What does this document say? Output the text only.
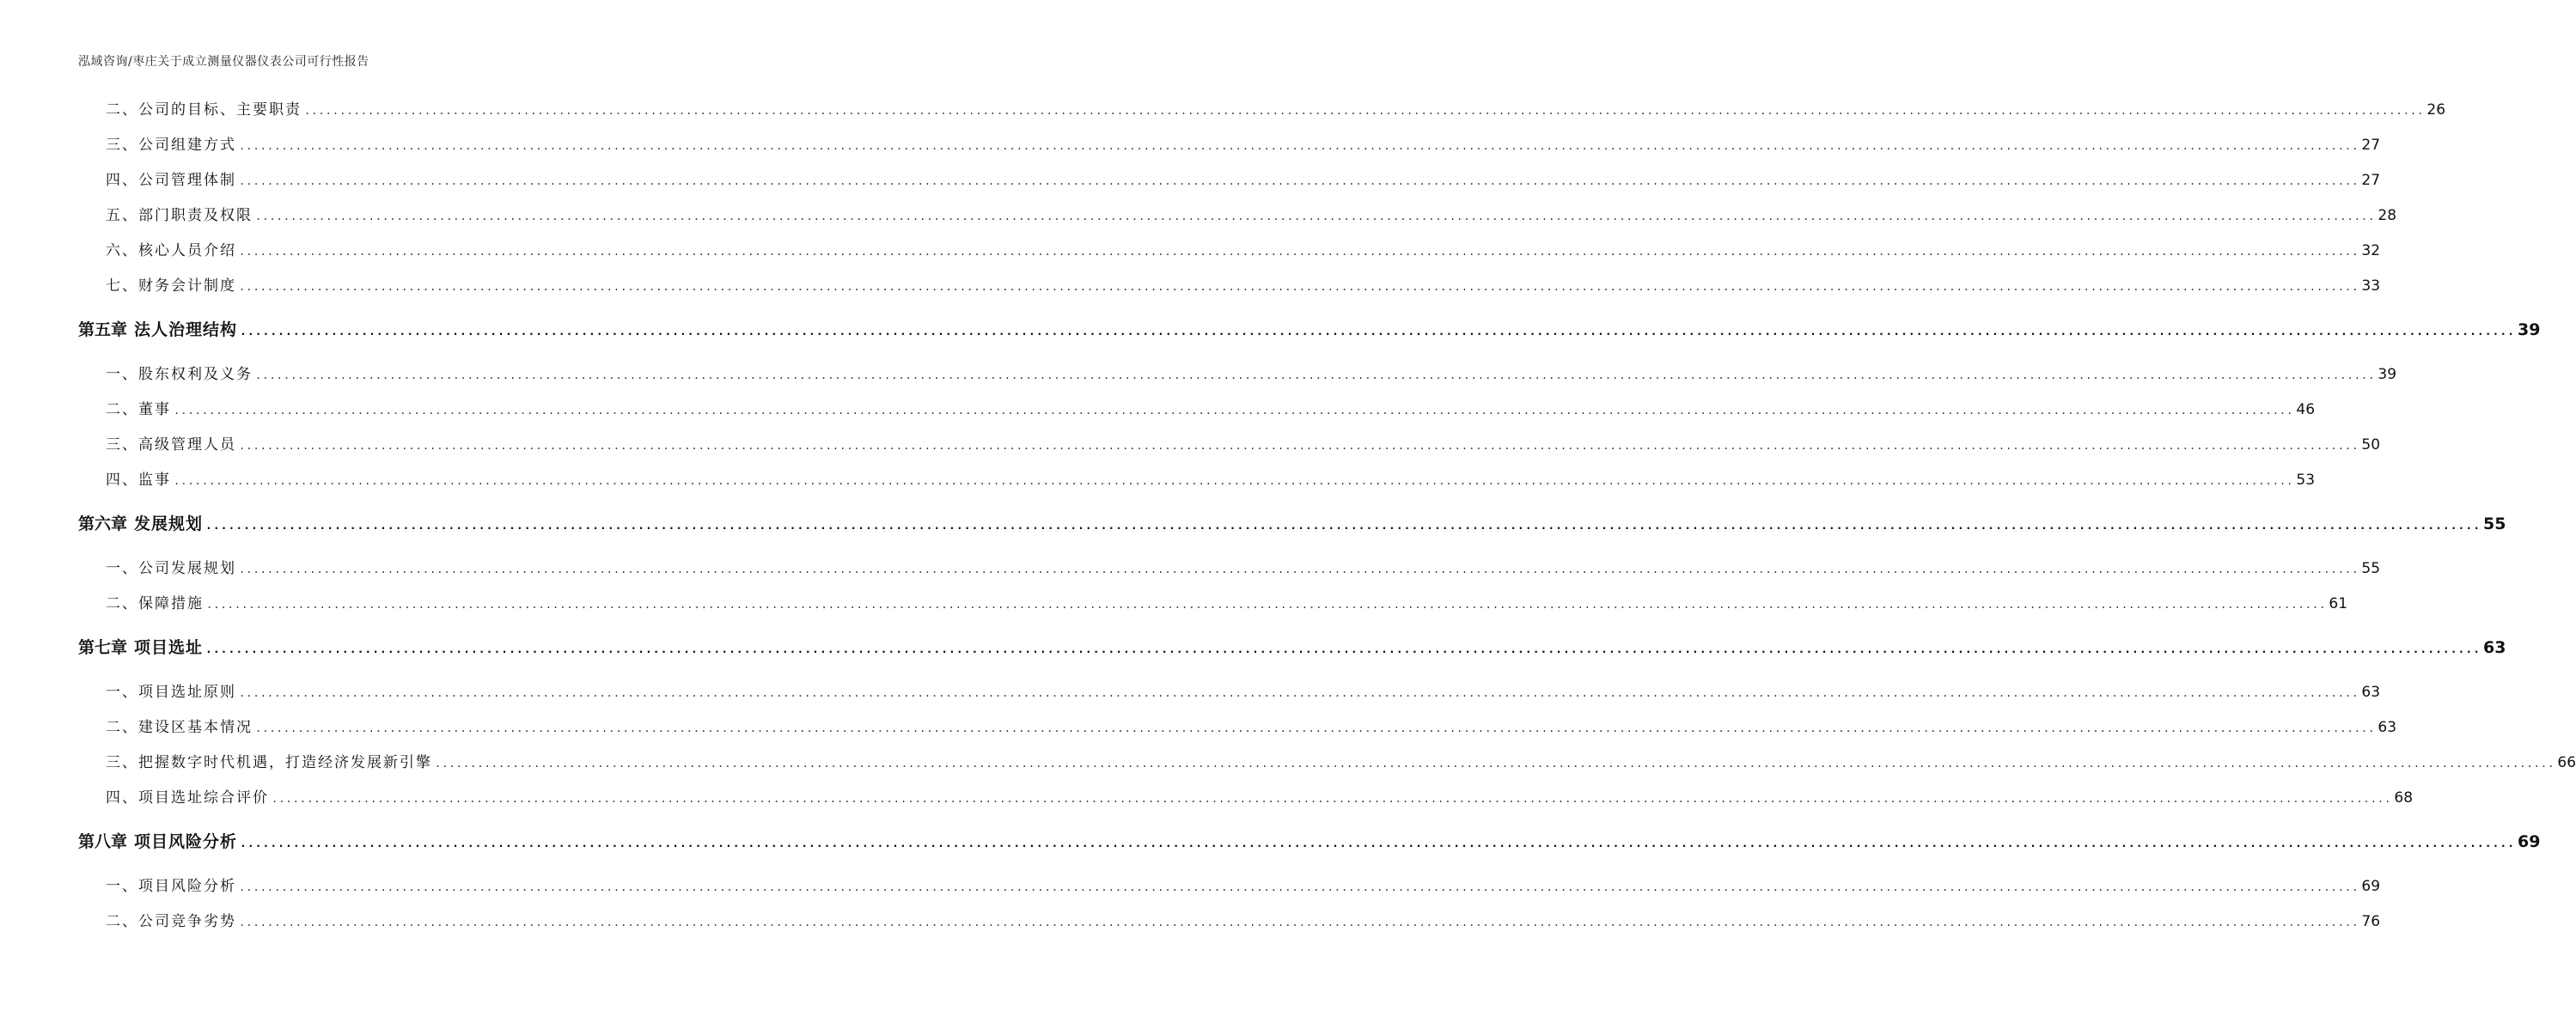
泓域咨询/枣庄关于成立测量仪器仪表公司可行性报告
二、 公司的目标、主要职责 ............................................................................................................................................................................................................................................................................................................ 26
三、 公司组建方式 ............................................................................................................................................................................................................................................................................................................ 27
四、 公司管理体制 ............................................................................................................................................................................................................................................................................................................ 27
五、 部门职责及权限 ............................................................................................................................................................................................................................................................................................................ 28
六、 核心人员介绍 ............................................................................................................................................................................................................................................................................................................ 32
七、 财务会计制度 ............................................................................................................................................................................................................................................................................................................ 33
第五章 法人治理结构 ............................................................................................................................................................................................................................................................................................................ 39
一、 股东权利及义务 ............................................................................................................................................................................................................................................................................................................ 39
二、 董事 ............................................................................................................................................................................................................................................................................................................ 46
三、 高级管理人员 ............................................................................................................................................................................................................................................................................................................ 50
四、 监事 ............................................................................................................................................................................................................................................................................................................ 53
第六章 发展规划 ............................................................................................................................................................................................................................................................................................................ 55
一、 公司发展规划 ............................................................................................................................................................................................................................................................................................................ 55
二、 保障措施 ............................................................................................................................................................................................................................................................................................................ 61
第七章 项目选址 ............................................................................................................................................................................................................................................................................................................ 63
一、 项目选址原则 ............................................................................................................................................................................................................................................................................................................ 63
二、 建设区基本情况 ............................................................................................................................................................................................................................................................................................................ 63
三、 把握数字时代机遇，打造经济发展新引擎 ............................................................................................................................................................................................................................................................................................................ 66
四、 项目选址综合评价 ............................................................................................................................................................................................................................................................................................................ 68
第八章 项目风险分析 ............................................................................................................................................................................................................................................................................................................ 69
一、 项目风险分析 ............................................................................................................................................................................................................................................................................................................ 69
二、 公司竞争劣势 ............................................................................................................................................................................................................................................................................................................ 76
